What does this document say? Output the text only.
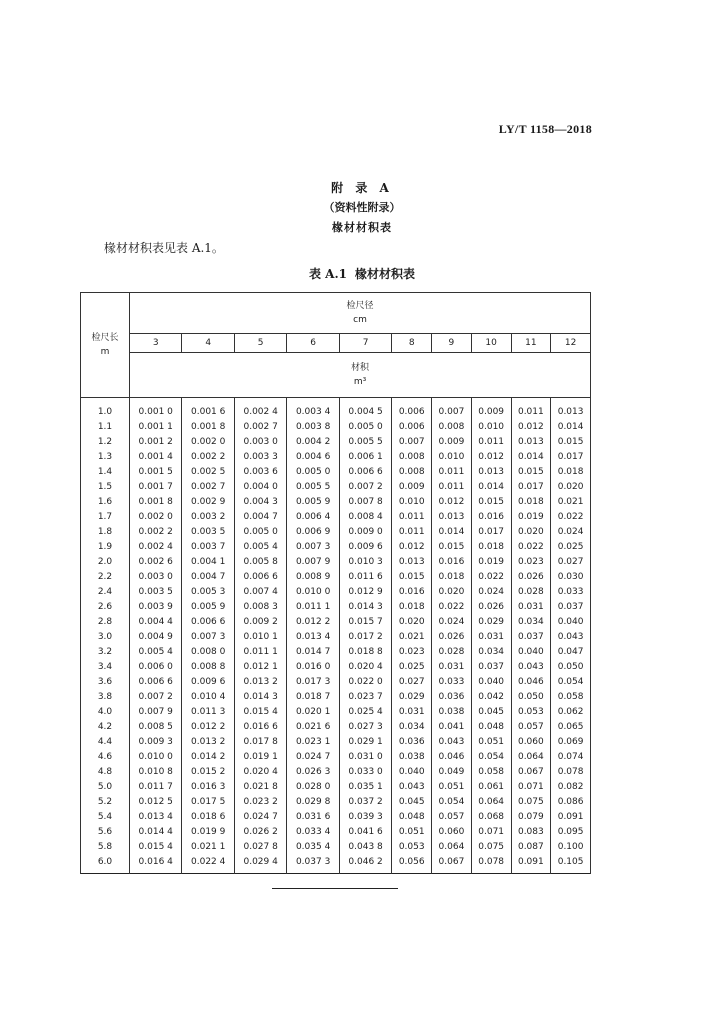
LY/T 1158—2018
附 录 A
（资料性附录）
椽材材积表
椽材材积表见表 A.1。
表 A.1 椽材材积表
检尺长
m	检尺径
cm									

	3	4	5	6	7	8	9	10	11	12

	材积
m³									

1.0	0.001 0	0.001 6	0.002 4	0.003 4	0.004 5	0.006	0.007	0.009	0.011	0.013
1.1	0.001 1	0.001 8	0.002 7	0.003 8	0.005 0	0.006	0.008	0.010	0.012	0.014
1.2	0.001 2	0.002 0	0.003 0	0.004 2	0.005 5	0.007	0.009	0.011	0.013	0.015
1.3	0.001 4	0.002 2	0.003 3	0.004 6	0.006 1	0.008	0.010	0.012	0.014	0.017
1.4	0.001 5	0.002 5	0.003 6	0.005 0	0.006 6	0.008	0.011	0.013	0.015	0.018
1.5	0.001 7	0.002 7	0.004 0	0.005 5	0.007 2	0.009	0.011	0.014	0.017	0.020
1.6	0.001 8	0.002 9	0.004 3	0.005 9	0.007 8	0.010	0.012	0.015	0.018	0.021
1.7	0.002 0	0.003 2	0.004 7	0.006 4	0.008 4	0.011	0.013	0.016	0.019	0.022
1.8	0.002 2	0.003 5	0.005 0	0.006 9	0.009 0	0.011	0.014	0.017	0.020	0.024
1.9	0.002 4	0.003 7	0.005 4	0.007 3	0.009 6	0.012	0.015	0.018	0.022	0.025
2.0	0.002 6	0.004 1	0.005 8	0.007 9	0.010 3	0.013	0.016	0.019	0.023	0.027
2.2	0.003 0	0.004 7	0.006 6	0.008 9	0.011 6	0.015	0.018	0.022	0.026	0.030
2.4	0.003 5	0.005 3	0.007 4	0.010 0	0.012 9	0.016	0.020	0.024	0.028	0.033
2.6	0.003 9	0.005 9	0.008 3	0.011 1	0.014 3	0.018	0.022	0.026	0.031	0.037
2.8	0.004 4	0.006 6	0.009 2	0.012 2	0.015 7	0.020	0.024	0.029	0.034	0.040
3.0	0.004 9	0.007 3	0.010 1	0.013 4	0.017 2	0.021	0.026	0.031	0.037	0.043
3.2	0.005 4	0.008 0	0.011 1	0.014 7	0.018 8	0.023	0.028	0.034	0.040	0.047
3.4	0.006 0	0.008 8	0.012 1	0.016 0	0.020 4	0.025	0.031	0.037	0.043	0.050
3.6	0.006 6	0.009 6	0.013 2	0.017 3	0.022 0	0.027	0.033	0.040	0.046	0.054
3.8	0.007 2	0.010 4	0.014 3	0.018 7	0.023 7	0.029	0.036	0.042	0.050	0.058
4.0	0.007 9	0.011 3	0.015 4	0.020 1	0.025 4	0.031	0.038	0.045	0.053	0.062
4.2	0.008 5	0.012 2	0.016 6	0.021 6	0.027 3	0.034	0.041	0.048	0.057	0.065
4.4	0.009 3	0.013 2	0.017 8	0.023 1	0.029 1	0.036	0.043	0.051	0.060	0.069
4.6	0.010 0	0.014 2	0.019 1	0.024 7	0.031 0	0.038	0.046	0.054	0.064	0.074
4.8	0.010 8	0.015 2	0.020 4	0.026 3	0.033 0	0.040	0.049	0.058	0.067	0.078
5.0	0.011 7	0.016 3	0.021 8	0.028 0	0.035 1	0.043	0.051	0.061	0.071	0.082
5.2	0.012 5	0.017 5	0.023 2	0.029 8	0.037 2	0.045	0.054	0.064	0.075	0.086
5.4	0.013 4	0.018 6	0.024 7	0.031 6	0.039 3	0.048	0.057	0.068	0.079	0.091
5.6	0.014 4	0.019 9	0.026 2	0.033 4	0.041 6	0.051	0.060	0.071	0.083	0.095
5.8	0.015 4	0.021 1	0.027 8	0.035 4	0.043 8	0.053	0.064	0.075	0.087	0.100
6.0	0.016 4	0.022 4	0.029 4	0.037 3	0.046 2	0.056	0.067	0.078	0.091	0.105
